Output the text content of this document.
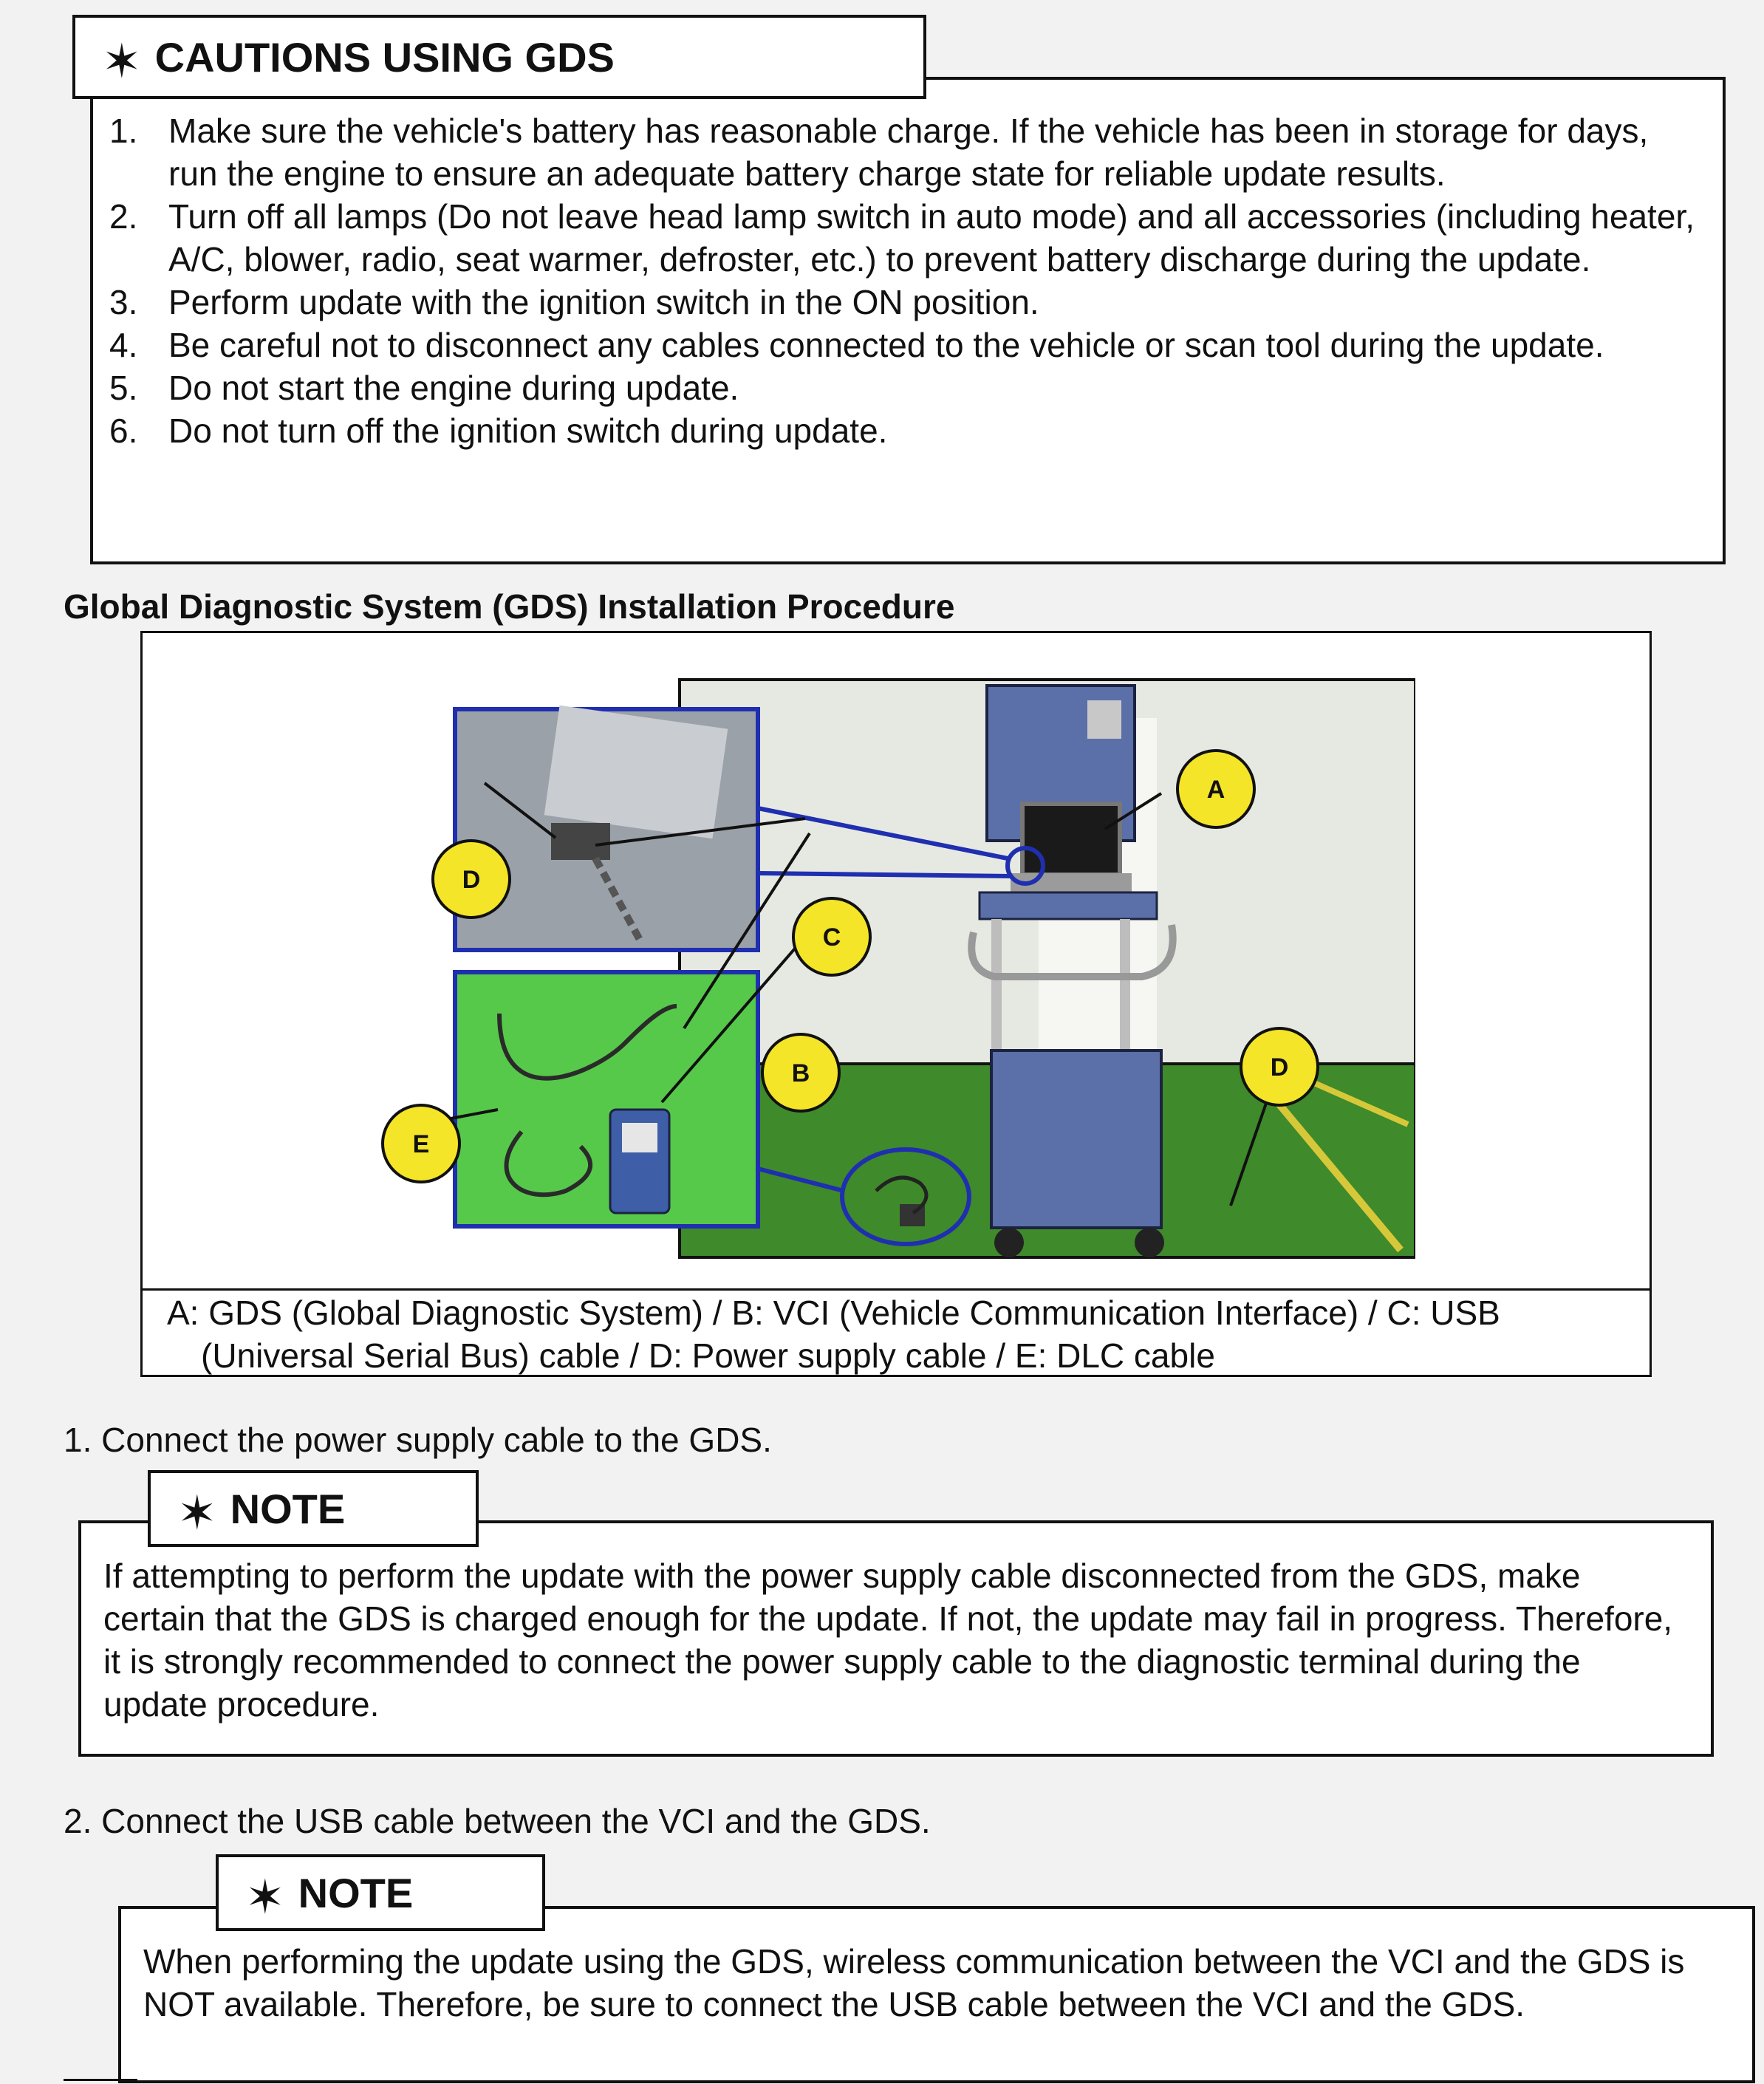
✶ CAUTIONS USING GDS
1. Make sure the vehicle's battery has reasonable charge. If the vehicle has been in storage for days, run the engine to ensure an adequate battery charge state for reliable update results.
2. Turn off all lamps (Do not leave head lamp switch in auto mode) and all accessories (including heater, A/C, blower, radio, seat warmer, defroster, etc.) to prevent battery discharge during the update.
3. Perform update with the ignition switch in the ON position.
4. Be careful not to disconnect any cables connected to the vehicle or scan tool during the update.
5. Do not start the engine during update.
6. Do not turn off the ignition switch during update.
Global Diagnostic System (GDS) Installation Procedure
A: GDS (Global Diagnostic System) / B: VCI (Vehicle Communication Interface) / C: USB (Universal Serial Bus) cable / D: Power supply cable / E: DLC cable
A
D
C
B	D
E
1. Connect the power supply cable to the GDS.
✶ NOTE
If attempting to perform the update with the power supply cable disconnected from the GDS, make certain that the GDS is charged enough for the update. If not, the update may fail in progress. Therefore, it is strongly recommended to connect the power supply cable to the diagnostic terminal during the update procedure.
2. Connect the USB cable between the VCI and the GDS.
✶ NOTE
When performing the update using the GDS, wireless communication between the VCI and the GDS is NOT available. Therefore, be sure to connect the USB cable between the VCI and the GDS.
